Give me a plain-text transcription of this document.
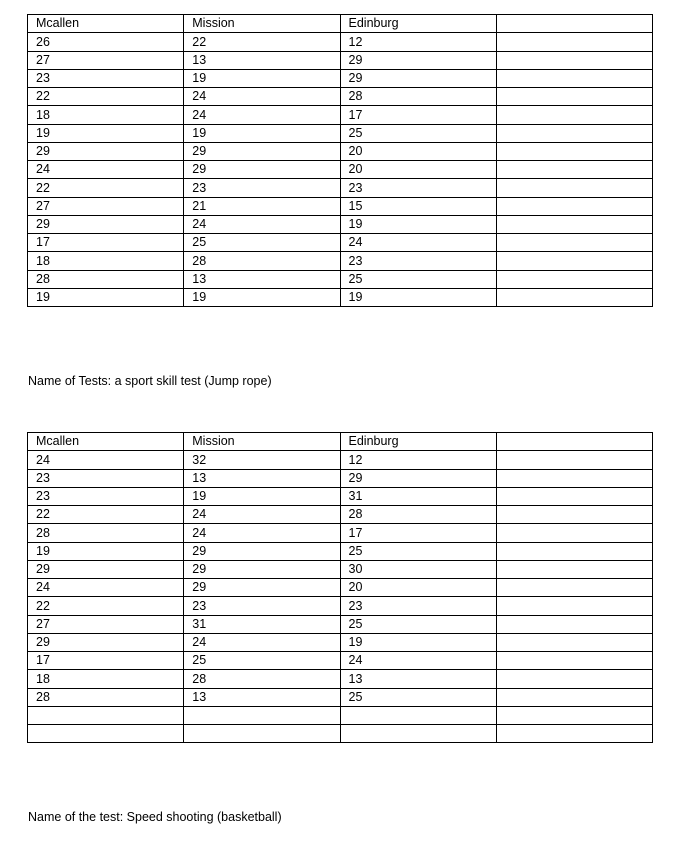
Mcallen	Mission	Edinburg	
26	22	12	
27	13	29	
23	19	29	
22	24	28	
18	24	17	
19	19	25	
29	29	20	
24	29	20	
22	23	23	
27	21	15	
29	24	19	
17	25	24	
18	28	23	
28	13	25	
19	19	19	
Name of Tests: a sport skill test (Jump rope)
Mcallen	Mission	Edinburg	
24	32	12	
23	13	29	
23	19	31	
22	24	28	
28	24	17	
19	29	25	
29	29	30	
24	29	20	
22	23	23	
27	31	25	
29	24	19	
17	25	24	
18	28	13	
28	13	25	

Name of the test: Speed shooting (basketball)
